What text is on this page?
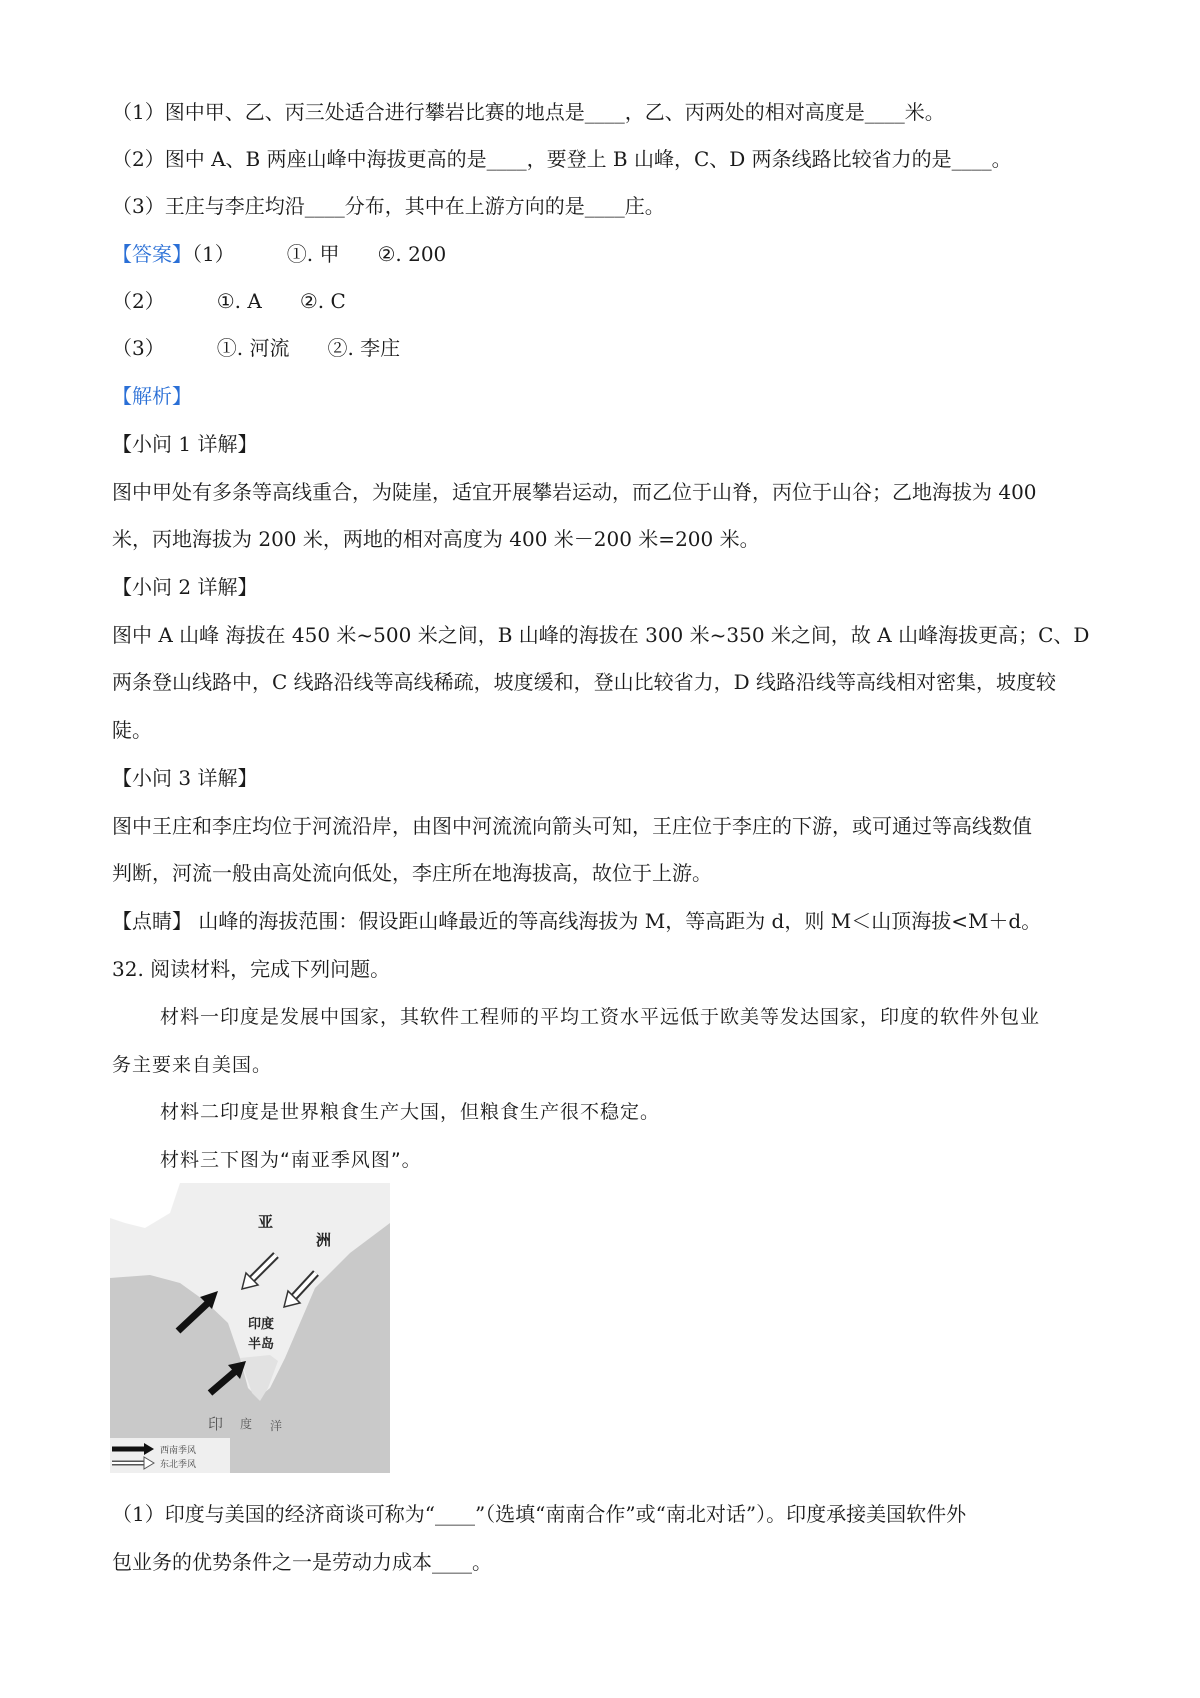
（1）图中甲、乙、丙三处适合进行攀岩比赛的地点是____，乙、丙两处的相对高度是____米。
（2）图中 A、B 两座山峰中海拔更高的是____，要登上 B 山峰，C、D 两条线路比较省力的是____。
（3）王庄与李庄均沿____分布，其中在上游方向的是____庄。
【答案】（1）	①. 甲 ②. 200
（2）	①. A ②. C
（3）	①. 河流 ②. 李庄
【解析】
【小问 1 详解】
图中甲处有多条等高线重合，为陡崖，适宜开展攀岩运动，而乙位于山脊，丙位于山谷；乙地海拔为 400
米，丙地海拔为 200 米，两地的相对高度为 400 米－200 米=200 米。
【小问 2 详解】
图中 A 山峰 海拔在 450 米~500 米之间，B 山峰的海拔在 300 米~350 米之间，故 A 山峰海拔更高；C、D
两条登山线路中，C 线路沿线等高线稀疏，坡度缓和，登山比较省力，D 线路沿线等高线相对密集，坡度较
陡。
【小问 3 详解】
图中王庄和李庄均位于河流沿岸，由图中河流流向箭头可知，王庄位于李庄的下游，或可通过等高线数值
判断，河流一般由高处流向低处，李庄所在地海拔高，故位于上游。
【点睛】 山峰的海拔范围：假设距山峰最近的等高线海拔为 M，等高距为 d，则 M＜山顶海拔<M＋d。
32. 阅读材料，完成下列问题。
材料一印度是发展中国家，其软件工程师的平均工资水平远低于欧美等发达国家，印度的软件外包业
务主要来自美国。
材料二印度是世界粮食生产大国，但粮食生产很不稳定。
材料三下图为“南亚季风图”。
亚
洲
印度
半岛
印 度 洋
西南季风
东北季风
（1）印度与美国的经济商谈可称为“____”（选填“南南合作”或“南北对话”）。印度承接美国软件外
包业务的优势条件之一是劳动力成本____。
